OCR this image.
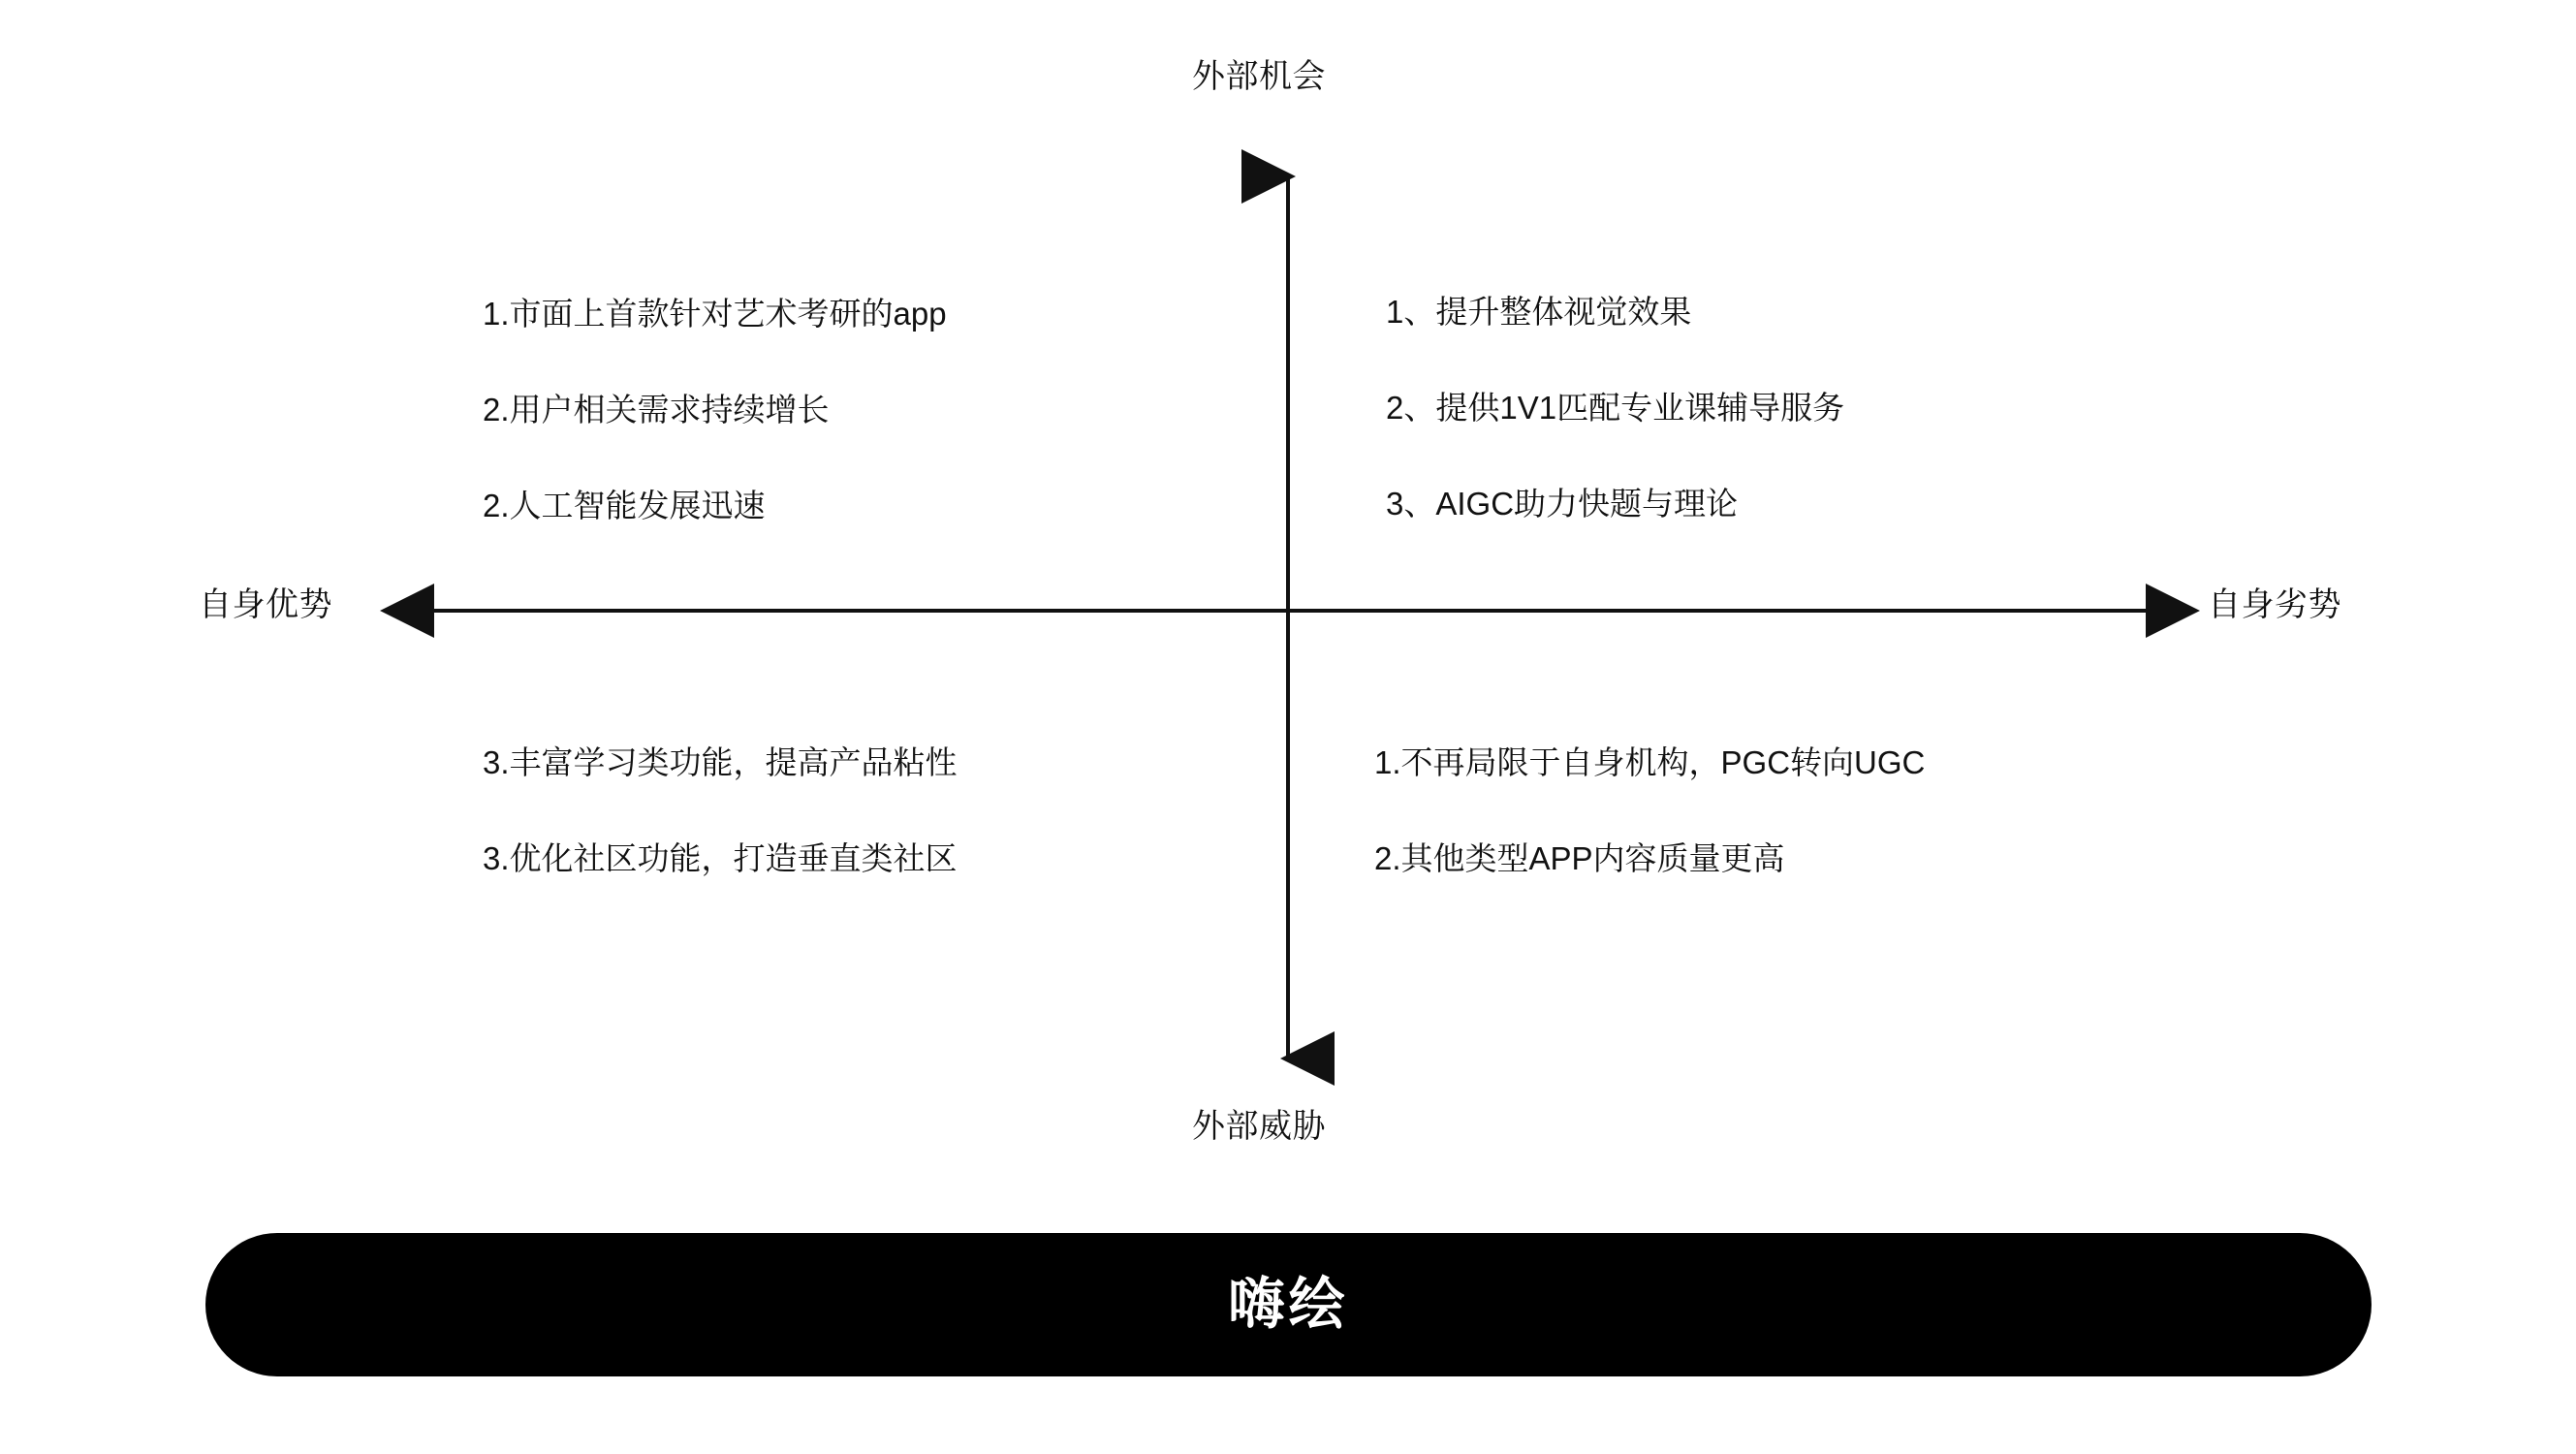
外部机会
外部威胁
自身优势	自身劣势
1.市面上首款针对艺术考研的app
2.用户相关需求持续增长
2.人工智能发展迅速
1、提升整体视觉效果
2、提供1V1匹配专业课辅导服务
3、AIGC助力快题与理论
3.丰富学习类功能，提高产品粘性
3.优化社区功能，打造垂直类社区
1.不再局限于自身机构，PGC转向UGC
2.其他类型APP内容质量更高
嗨绘
